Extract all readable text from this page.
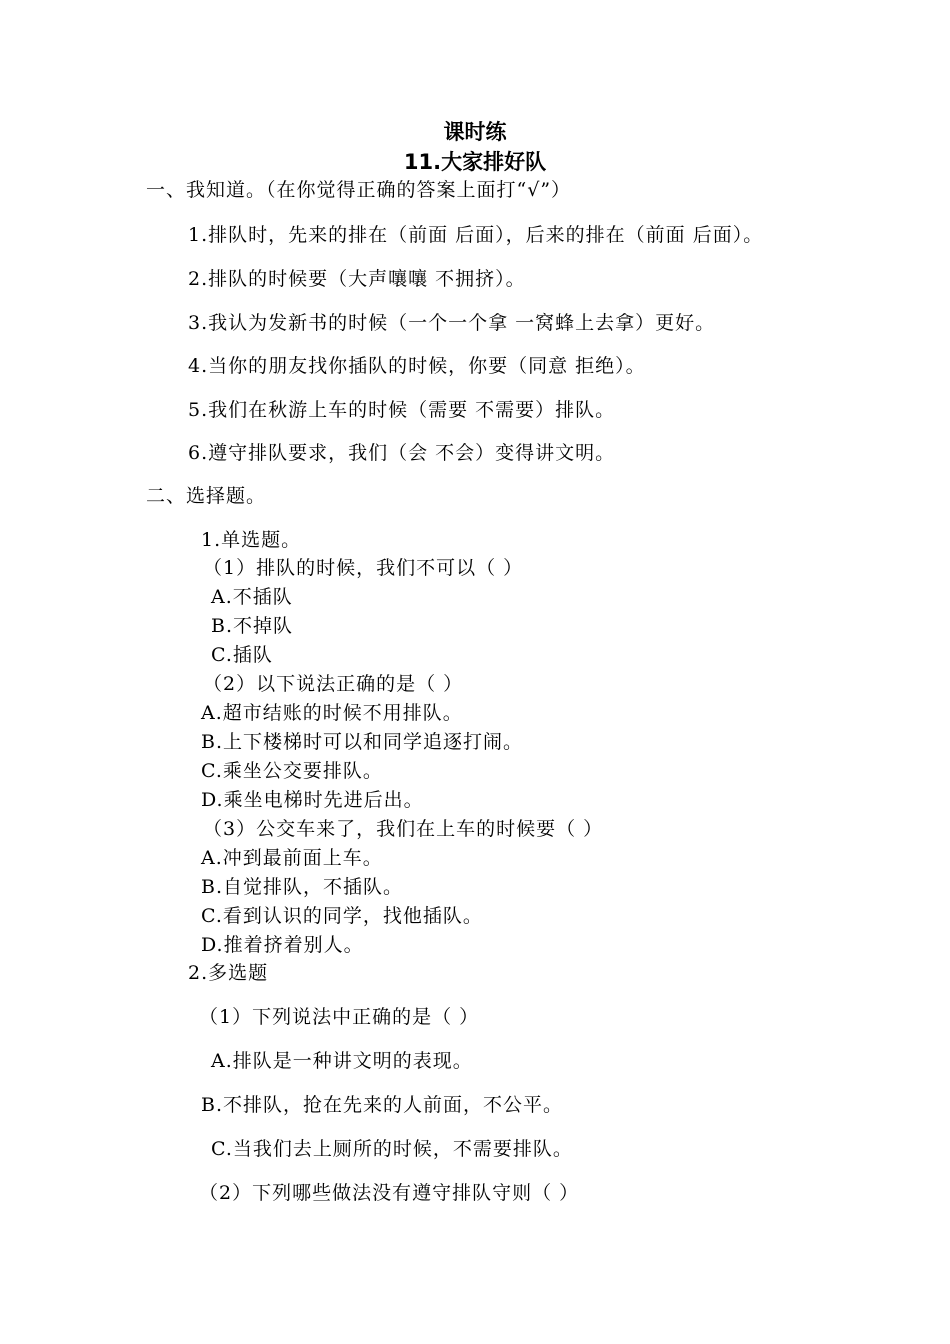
课时练
11.大家排好队
一、我知道。（在你觉得正确的答案上面打“√”）
1.排队时，先来的排在（前面 后面），后来的排在（前面 后面）。
2.排队的时候要（大声嚷嚷 不拥挤）。
3.我认为发新书的时候（一个一个拿 一窝蜂上去拿）更好。
4.当你的朋友找你插队的时候，你要（同意 拒绝）。
5.我们在秋游上车的时候（需要 不需要）排队。
6.遵守排队要求，我们（会 不会）变得讲文明。
二、选择题。
1.单选题。
（1）排队的时候，我们不可以（ ）
A.不插队
B.不掉队
C.插队
（2）以下说法正确的是（ ）
A.超市结账的时候不用排队。
B.上下楼梯时可以和同学追逐打闹。
C.乘坐公交要排队。
D.乘坐电梯时先进后出。
（3）公交车来了，我们在上车的时候要（ ）
A.冲到最前面上车。
B.自觉排队，不插队。
C.看到认识的同学，找他插队。
D.推着挤着别人。
2.多选题
（1）下列说法中正确的是（ ）
A.排队是一种讲文明的表现。
B.不排队，抢在先来的人前面，不公平。
C.当我们去上厕所的时候，不需要排队。
（2）下列哪些做法没有遵守排队守则（ ）
